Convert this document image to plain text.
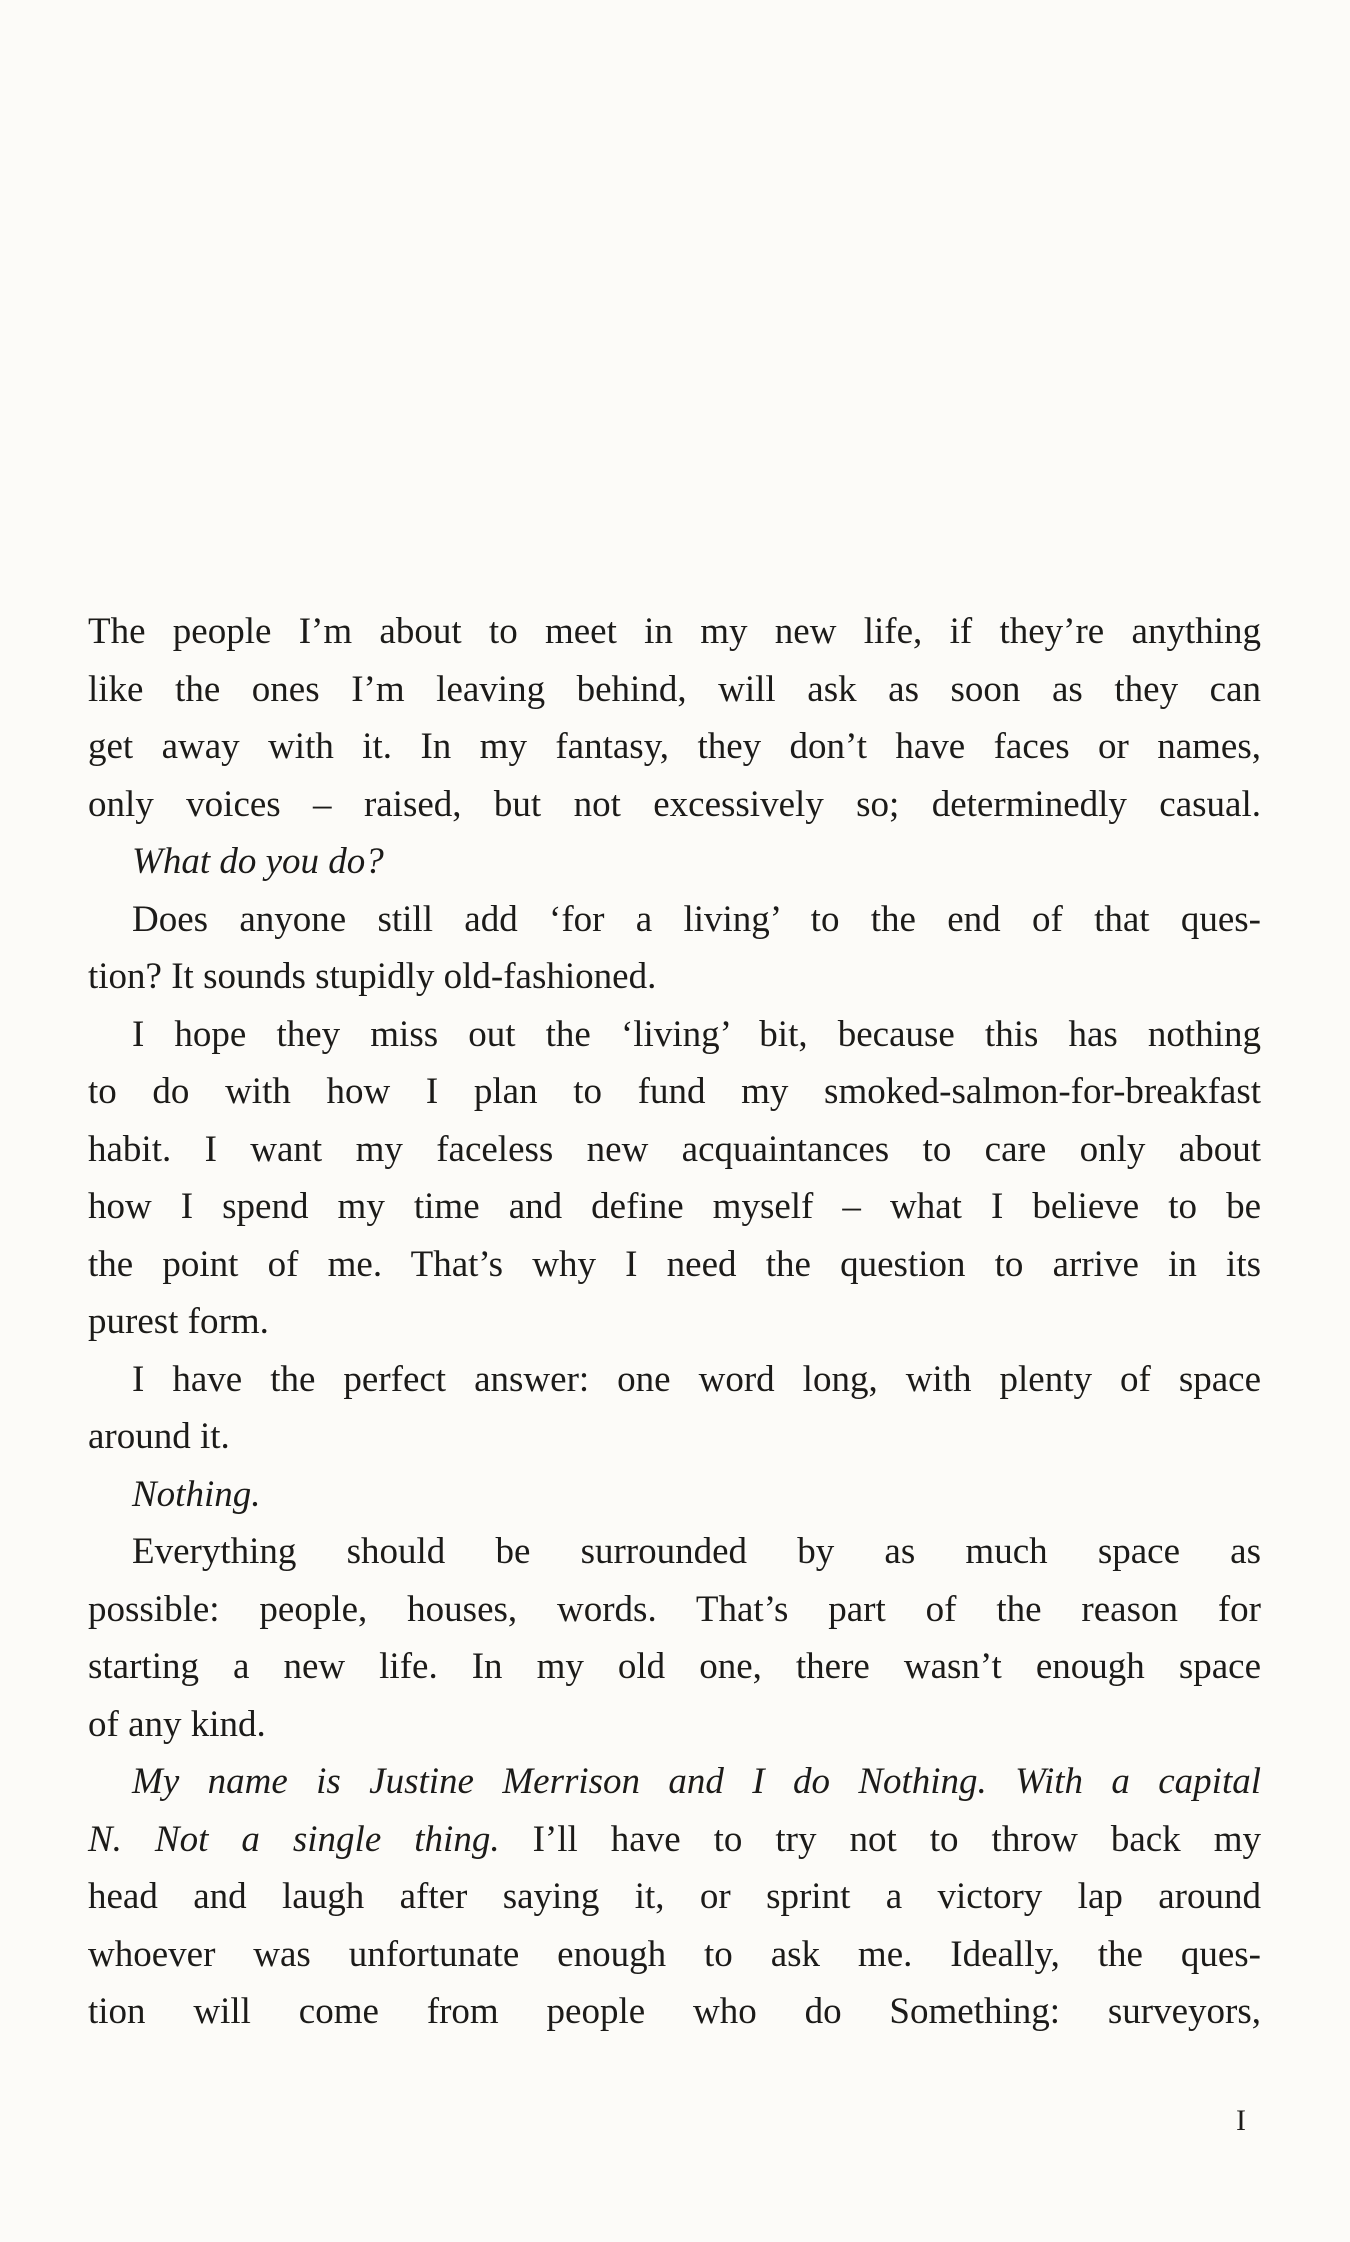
The people I’m about to meet in my new life, if they’re anything
like the ones I’m leaving behind, will ask as soon as they can
get away with it. In my fantasy, they don’t have faces or names,
only voices – raised, but not excessively so; determinedly casual.

What do you do?

Does anyone still add ‘for a living’ to the end of that ques-
tion? It sounds stupidly old-fashioned.

I hope they miss out the ‘living’ bit, because this has nothing
to do with how I plan to fund my smoked-salmon-for-breakfast
habit. I want my faceless new acquaintances to care only about
how I spend my time and define myself – what I believe to be
the point of me. That’s why I need the question to arrive in its
purest form.

I have the perfect answer: one word long, with plenty of space
around it.

Nothing.

Everything should be surrounded by as much space as
possible: people, houses, words. That’s part of the reason for
starting a new life. In my old one, there wasn’t enough space
of any kind.

My name is Justine Merrison and I do Nothing. With a capital
N. Not a single thing. I’ll have to try not to throw back my
head and laugh after saying it, or sprint a victory lap around
whoever was unfortunate enough to ask me. Ideally, the ques-
tion will come from people who do Something: surveyors,

I
